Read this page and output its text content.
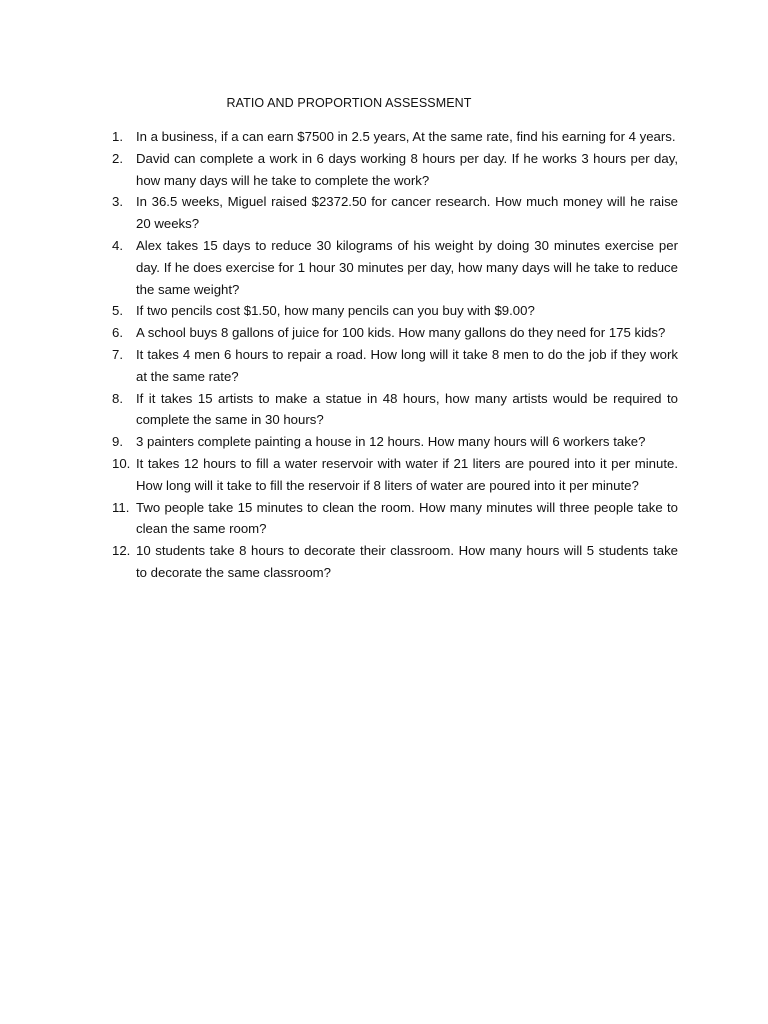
RATIO AND PROPORTION ASSESSMENT
1. In a business, if a can earn $7500 in 2.5 years, At the same rate, find his earning for 4 years.
2. David can complete a work in 6 days working 8 hours per day. If he works 3 hours per day, how many days will he take to complete the work?
3. In 36.5 weeks, Miguel raised $2372.50 for cancer research. How much money will he raise 20 weeks?
4. Alex takes 15 days to reduce 30 kilograms of his weight by doing 30 minutes exercise per day. If he does exercise for 1 hour 30 minutes per day, how many days will he take to reduce the same weight?
5. If two pencils cost $1.50, how many pencils can you buy with $9.00?
6. A school buys 8 gallons of juice for 100 kids. How many gallons do they need for 175 kids?
7. It takes 4 men 6 hours to repair a road. How long will it take 8 men to do the job if they work at the same rate?
8. If it takes 15 artists to make a statue in 48 hours, how many artists would be required to complete the same in 30 hours?
9. 3 painters complete painting a house in 12 hours. How many hours will 6 workers take?
10. It takes 12 hours to fill a water reservoir with water if 21 liters are poured into it per minute. How long will it take to fill the reservoir if 8 liters of water are poured into it per minute?
11. Two people take 15 minutes to clean the room. How many minutes will three people take to clean the same room?
12. 10 students take 8 hours to decorate their classroom. How many hours will 5 students take to decorate the same classroom?
